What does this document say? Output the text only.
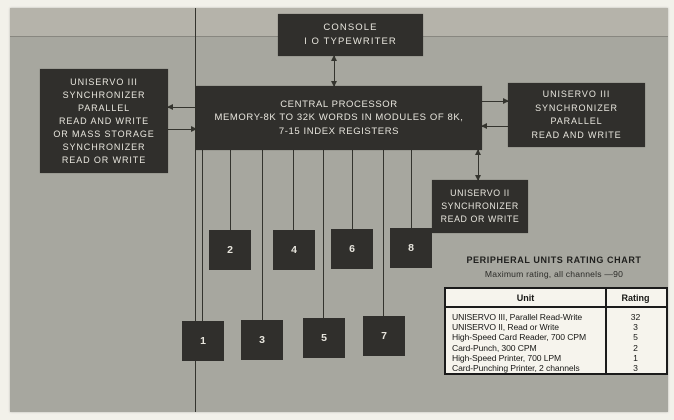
CONSOLE
I O TYPEWRITER
UNISERVO III
SYNCHRONIZER
PARALLEL
READ AND WRITE
OR MASS STORAGE
SYNCHRONIZER
READ OR WRITE
CENTRAL PROCESSOR
MEMORY-8K TO 32K WORDS IN MODULES OF 8K,
7-15 INDEX REGISTERS
UNISERVO III
SYNCHRONIZER
PARALLEL
READ AND WRITE
UNISERVO II
SYNCHRONIZER
READ OR WRITE
2	4	6	8
1	3	5	7
PERIPHERAL UNITS RATING CHART
Maximum rating, all channels —90
Unit	Rating
UNISERVO III, Parallel Read-Write	32
UNISERVO II, Read or Write	3
High-Speed Card Reader, 700 CPM	5
Card-Punch, 300 CPM	2
High-Speed Printer, 700 LPM	1
Card-Punching Printer, 2 channels	3
